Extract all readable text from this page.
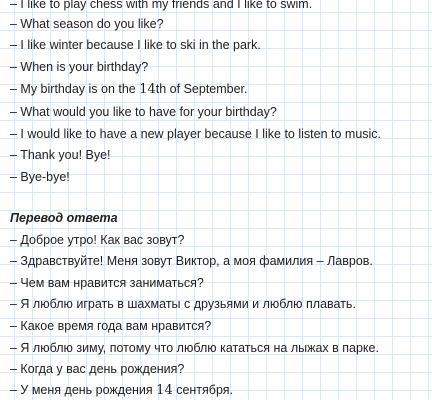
– I like to play chess with my friends and I like to swim.
– What season do you like?
– I like winter because I like to ski in the park.
– When is your birthday?
– My birthday is on the 14th of September.
– What would you like to have for your birthday?
– I would like to have a new player because I like to listen to music.
– Thank you! Bye!
– Bye-bye!
Перевод ответа
– Доброе утро! Как вас зовут?
– Здравствуйте! Меня зовут Виктор, а моя фамилия – Лавров.
– Чем вам нравится заниматься?
– Я люблю играть в шахматы с друзьями и люблю плавать.
– Какое время года вам нравится?
– Я люблю зиму, потому что люблю кататься на лыжах в парке.
– Когда у вас день рождения?
– У меня день рождения 14 сентября.
